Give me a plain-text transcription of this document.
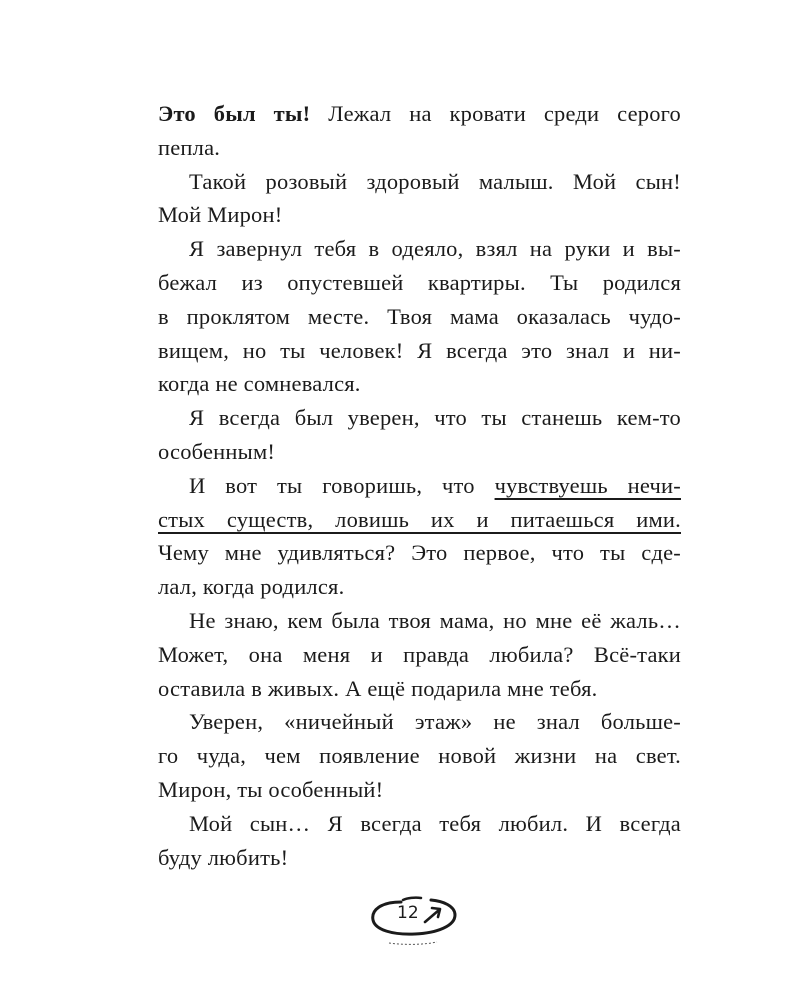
Это был ты! Лежал на кровати среди серого
пепла.
Такой розовый здоровый малыш. Мой сын!
Мой Мирон!
Я завернул тебя в одеяло, взял на руки и вы-
бежал из опустевшей квартиры. Ты родился
в проклятом месте. Твоя мама оказалась чудо-
вищем, но ты человек! Я всегда это знал и ни-
когда не сомневался.
Я всегда был уверен, что ты станешь кем-то
особенным!
И вот ты говоришь, что чувствуешь нечи-
стых существ, ловишь их и питаешься ими.
Чему мне удивляться? Это первое, что ты сде-
лал, когда родился.
Не знаю, кем была твоя мама, но мне её жаль…
Может, она меня и правда любила? Всё-таки
оставила в живых. А ещё подарила мне тебя.
Уверен, «ничейный этаж» не знал большe-
го чуда, чем появление новой жизни на свет.
Мирон, ты особенный!
Мой сын… Я всегда тебя любил. И всегда
буду любить!
12
